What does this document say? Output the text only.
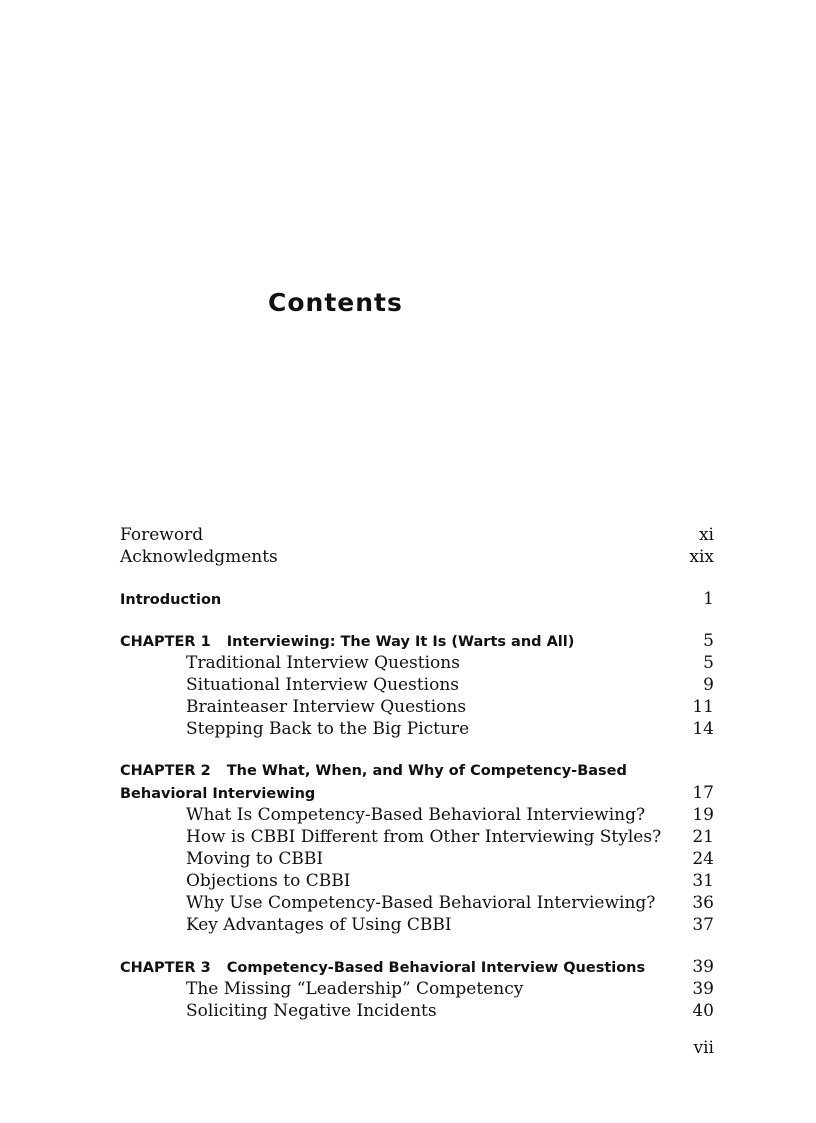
Contents
Foreword	xi
Acknowledgments	xix
Introduction	1
CHAPTER 1 Interviewing: The Way It Is (Warts and All)	5
Traditional Interview Questions	5
Situational Interview Questions	9
Brainteaser Interview Questions	11
Stepping Back to the Big Picture	14
CHAPTER 2 The What, When, and Why of Competency-Based
Behavioral Interviewing	17
What Is Competency-Based Behavioral Interviewing?	19
How is CBBI Different from Other Interviewing Styles?	21
Moving to CBBI	24
Objections to CBBI	31
Why Use Competency-Based Behavioral Interviewing?	36
Key Advantages of Using CBBI	37
CHAPTER 3 Competency-Based Behavioral Interview Questions	39
The Missing “Leadership” Competency	39
Soliciting Negative Incidents	40
vii
